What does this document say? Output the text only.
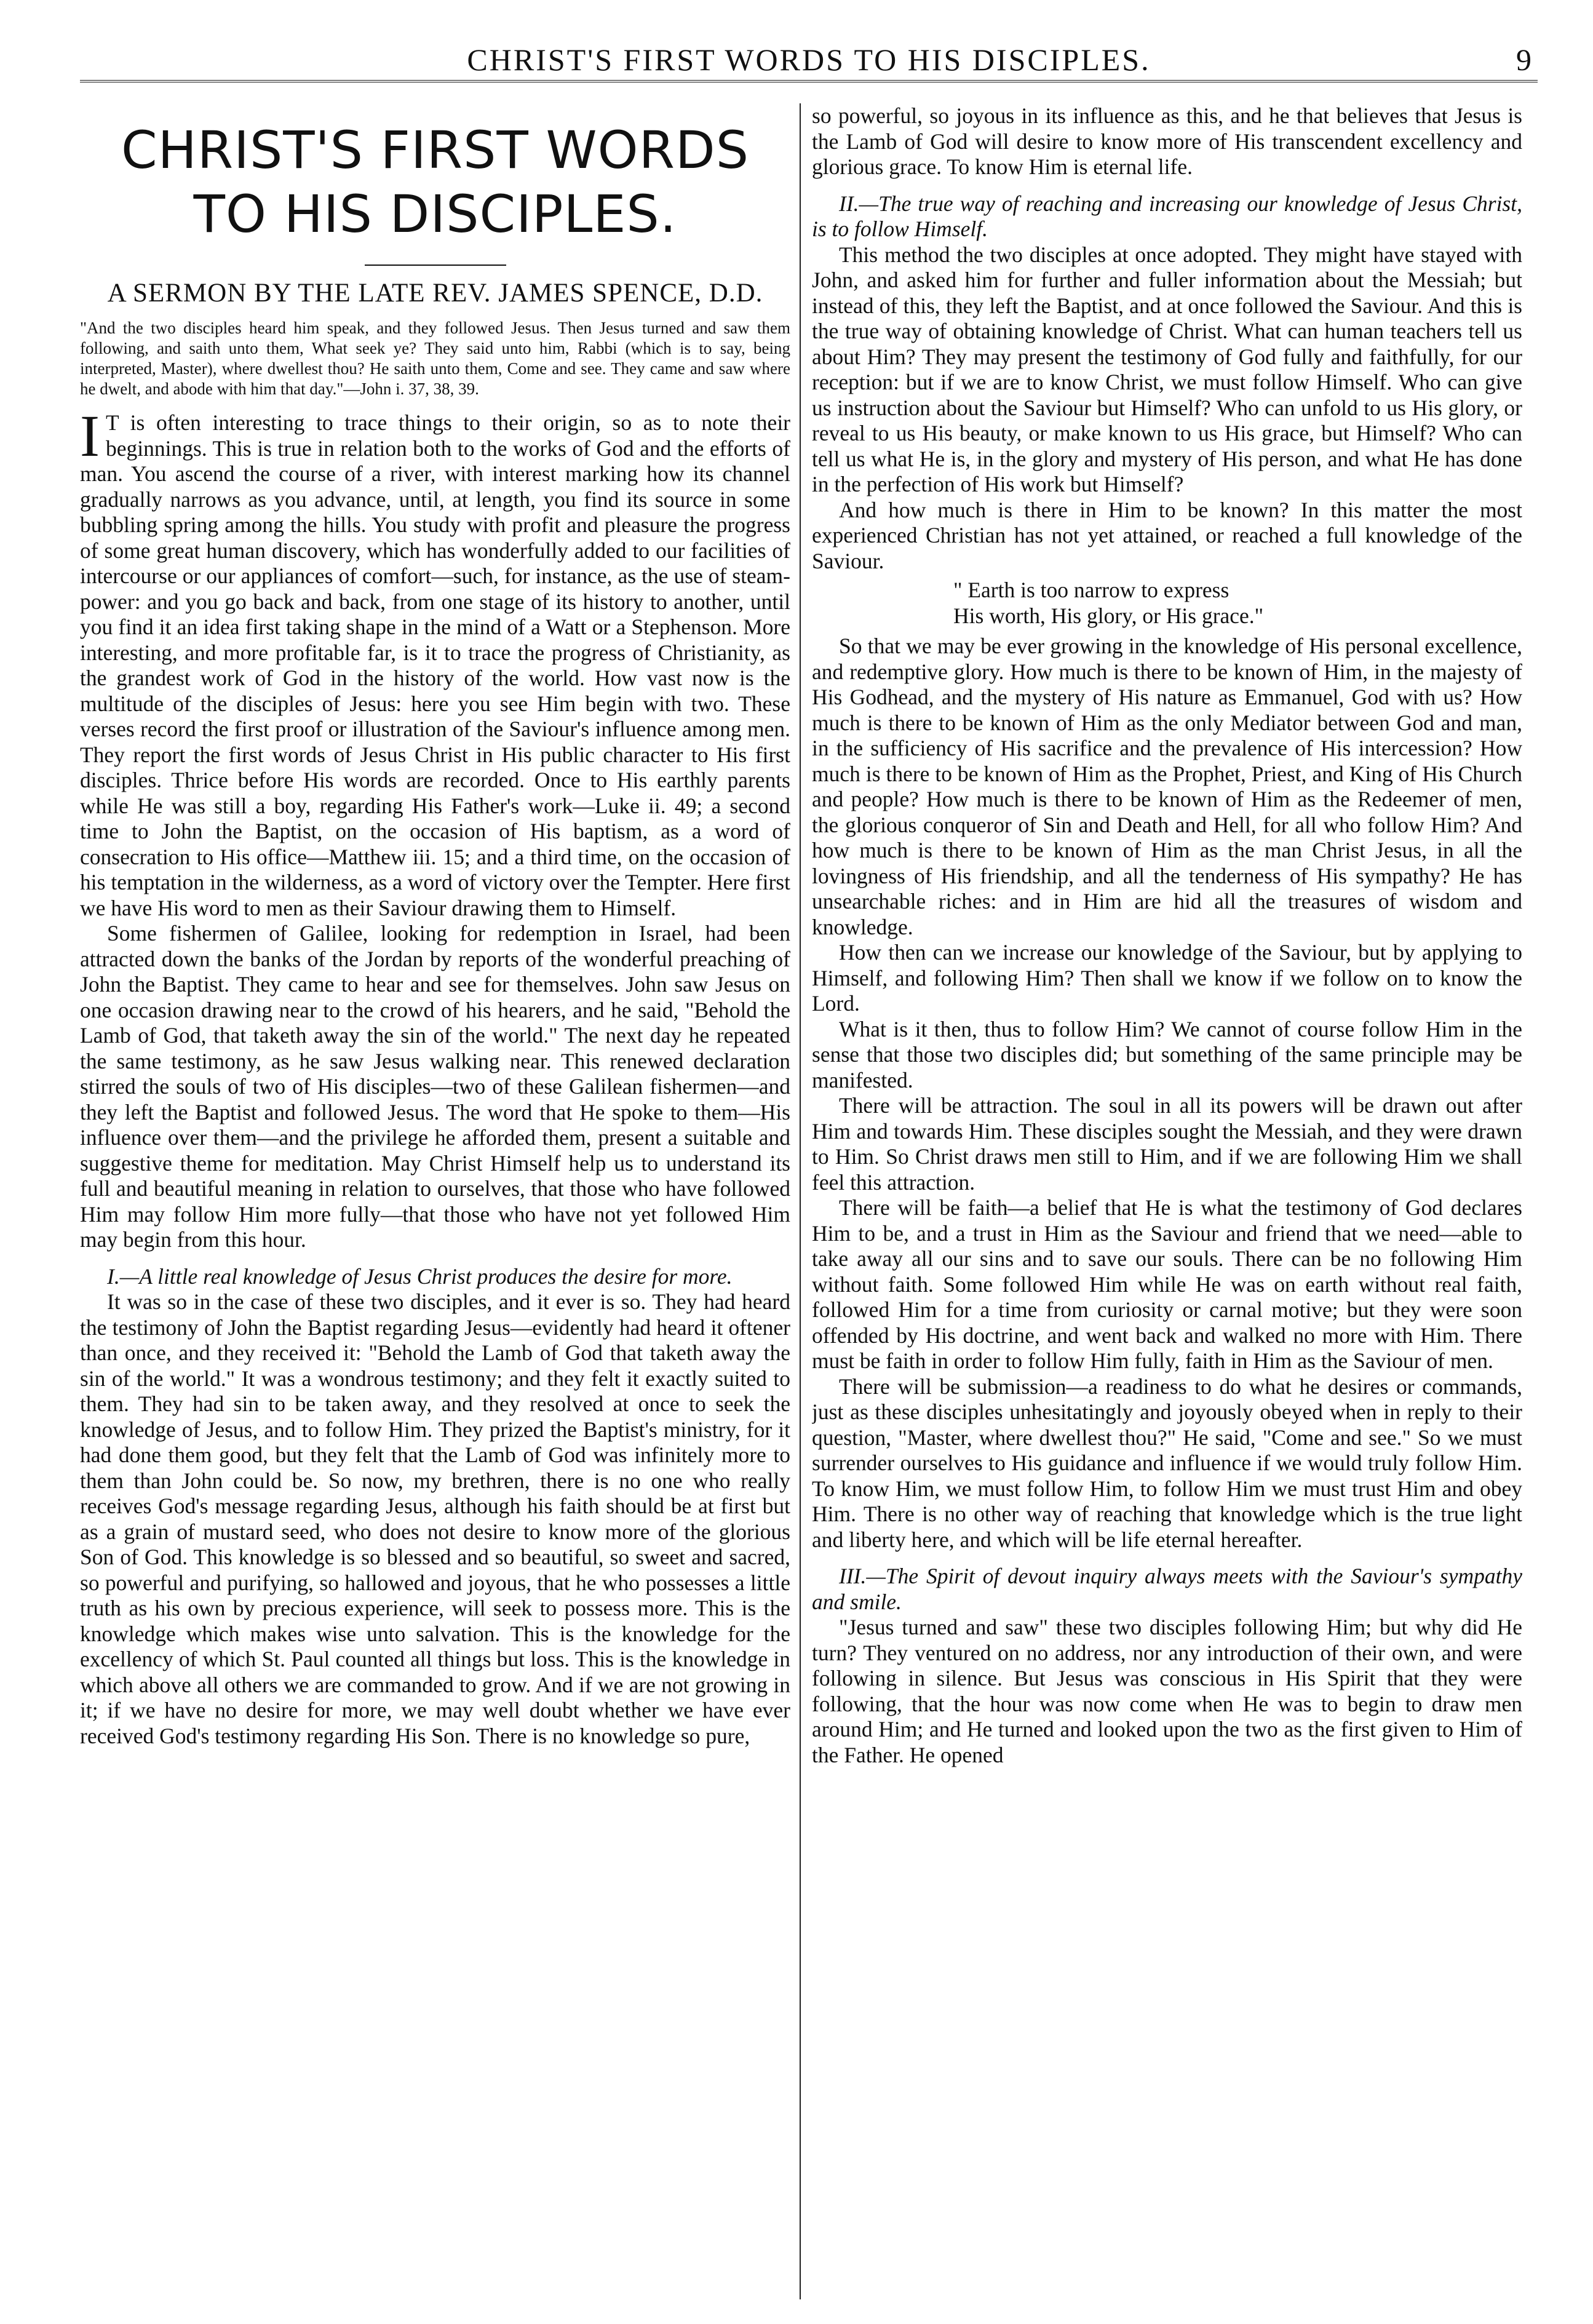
CHRIST'S FIRST WORDS TO HIS DISCIPLES.	9
CHRIST'S FIRST WORDS TO HIS DISCIPLES.
A SERMON BY THE LATE REV. JAMES SPENCE, D.D.
"And the two disciples heard him speak, and they followed Jesus. Then Jesus turned and saw them following, and saith unto them, What seek ye? They said unto him, Rabbi (which is to say, being interpreted, Master), where dwellest thou? He saith unto them, Come and see. They came and saw where he dwelt, and abode with him that day."—John i. 37, 38, 39.

I T is often interesting to trace things to their origin, so as to note their beginnings. This is true in relation both to the works of God and the efforts of man. You ascend the course of a river, with interest marking how its channel gradually narrows as you advance, until, at length, you find its source in some bubbling spring among the hills. You study with profit and pleasure the progress of some great human discovery, which has wonderfully added to our facilities of intercourse or our appliances of comfort—such, for instance, as the use of steam-power: and you go back and back, from one stage of its history to another, until you find it an idea first taking shape in the mind of a Watt or a Stephenson. More interesting, and more profitable far, is it to trace the progress of Christianity, as the grandest work of God in the history of the world. How vast now is the multitude of the disciples of Jesus: here you see Him begin with two. These verses record the first proof or illustration of the Saviour's influence among men. They report the first words of Jesus Christ in His public character to His first disciples. Thrice before His words are recorded. Once to His earthly parents while He was still a boy, regarding His Father's work—Luke ii. 49; a second time to John the Baptist, on the occasion of His baptism, as a word of consecration to His office—Matthew iii. 15; and a third time, on the occasion of his temptation in the wilderness, as a word of victory over the Tempter. Here first we have His word to men as their Saviour drawing them to Himself.

Some fishermen of Galilee, looking for redemption in Israel, had been attracted down the banks of the Jordan by reports of the wonderful preaching of John the Baptist. They came to hear and see for themselves. John saw Jesus on one occasion drawing near to the crowd of his hearers, and he said, "Behold the Lamb of God, that taketh away the sin of the world." The next day he repeated the same testimony, as he saw Jesus walking near. This renewed declaration stirred the souls of two of His disciples—two of these Galilean fishermen—and they left the Baptist and followed Jesus. The word that He spoke to them—His influence over them—and the privilege he afforded them, present a suitable and suggestive theme for meditation. May Christ Himself help us to understand its full and beautiful meaning in relation to ourselves, that those who have followed Him may follow Him more fully—that those who have not yet followed Him may begin from this hour.

I.—A little real knowledge of Jesus Christ produces the desire for more.

It was so in the case of these two disciples, and it ever is so. They had heard the testimony of John the Baptist regarding Jesus—evidently had heard it oftener than once, and they received it: "Behold the Lamb of God that taketh away the sin of the world." It was a wondrous testimony; and they felt it exactly suited to them. They had sin to be taken away, and they resolved at once to seek the knowledge of Jesus, and to follow Him. They prized the Baptist's ministry, for it had done them good, but they felt that the Lamb of God was infinitely more to them than John could be. So now, my brethren, there is no one who really receives God's message regarding Jesus, although his faith should be at first but as a grain of mustard seed, who does not desire to know more of the glorious Son of God. This knowledge is so blessed and so beautiful, so sweet and sacred, so powerful and purifying, so hallowed and joyous, that he who possesses a little truth as his own by precious experience, will seek to possess more. This is the knowledge which makes wise unto salvation. This is the knowledge for the excellency of which St. Paul counted all things but loss. This is the knowledge in which above all others we are commanded to grow. And if we are not growing in it; if we have no desire for more, we may well doubt whether we have ever received God's testimony regarding His Son. There is no knowledge so pure,

so powerful, so joyous in its influence as this, and he that believes that Jesus is the Lamb of God will desire to know more of His transcendent excellency and glorious grace. To know Him is eternal life.

II.—The true way of reaching and increasing our knowledge of Jesus Christ, is to follow Himself.

This method the two disciples at once adopted. They might have stayed with John, and asked him for further and fuller information about the Messiah; but instead of this, they left the Baptist, and at once followed the Saviour. And this is the true way of obtaining knowledge of Christ. What can human teachers tell us about Him? They may present the testimony of God fully and faithfully, for our reception: but if we are to know Christ, we must follow Himself. Who can give us instruction about the Saviour but Himself? Who can unfold to us His glory, or reveal to us His beauty, or make known to us His grace, but Himself? Who can tell us what He is, in the glory and mystery of His person, and what He has done in the perfection of His work but Himself?

And how much is there in Him to be known? In this matter the most experienced Christian has not yet attained, or reached a full knowledge of the Saviour.

" Earth is too narrow to express
His worth, His glory, or His grace."

So that we may be ever growing in the knowledge of His personal excellence, and redemptive glory. How much is there to be known of Him, in the majesty of His Godhead, and the mystery of His nature as Emmanuel, God with us? How much is there to be known of Him as the only Mediator between God and man, in the sufficiency of His sacrifice and the prevalence of His intercession? How much is there to be known of Him as the Prophet, Priest, and King of His Church and people? How much is there to be known of Him as the Redeemer of men, the glorious conqueror of Sin and Death and Hell, for all who follow Him? And how much is there to be known of Him as the man Christ Jesus, in all the lovingness of His friendship, and all the tenderness of His sympathy? He has unsearchable riches: and in Him are hid all the treasures of wisdom and knowledge.

How then can we increase our knowledge of the Saviour, but by applying to Himself, and following Him? Then shall we know if we follow on to know the Lord.

What is it then, thus to follow Him? We cannot of course follow Him in the sense that those two disciples did; but something of the same principle may be manifested.

There will be attraction. The soul in all its powers will be drawn out after Him and towards Him. These disciples sought the Messiah, and they were drawn to Him. So Christ draws men still to Him, and if we are following Him we shall feel this attraction.

There will be faith—a belief that He is what the testimony of God declares Him to be, and a trust in Him as the Saviour and friend that we need—able to take away all our sins and to save our souls. There can be no following Him without faith. Some followed Him while He was on earth without real faith, followed Him for a time from curiosity or carnal motive; but they were soon offended by His doctrine, and went back and walked no more with Him. There must be faith in order to follow Him fully, faith in Him as the Saviour of men.

There will be submission—a readiness to do what he desires or commands, just as these disciples unhesitatingly and joyously obeyed when in reply to their question, "Master, where dwellest thou?" He said, "Come and see." So we must surrender ourselves to His guidance and influence if we would truly follow Him. To know Him, we must follow Him, to follow Him we must trust Him and obey Him. There is no other way of reaching that knowledge which is the true light and liberty here, and which will be life eternal hereafter.

III.—The Spirit of devout inquiry always meets with the Saviour's sympathy and smile.

"Jesus turned and saw" these two disciples following Him; but why did He turn? They ventured on no address, nor any introduction of their own, and were following in silence. But Jesus was conscious in His Spirit that they were following, that the hour was now come when He was to begin to draw men around Him; and He turned and looked upon the two as the first given to Him of the Father. He opened
